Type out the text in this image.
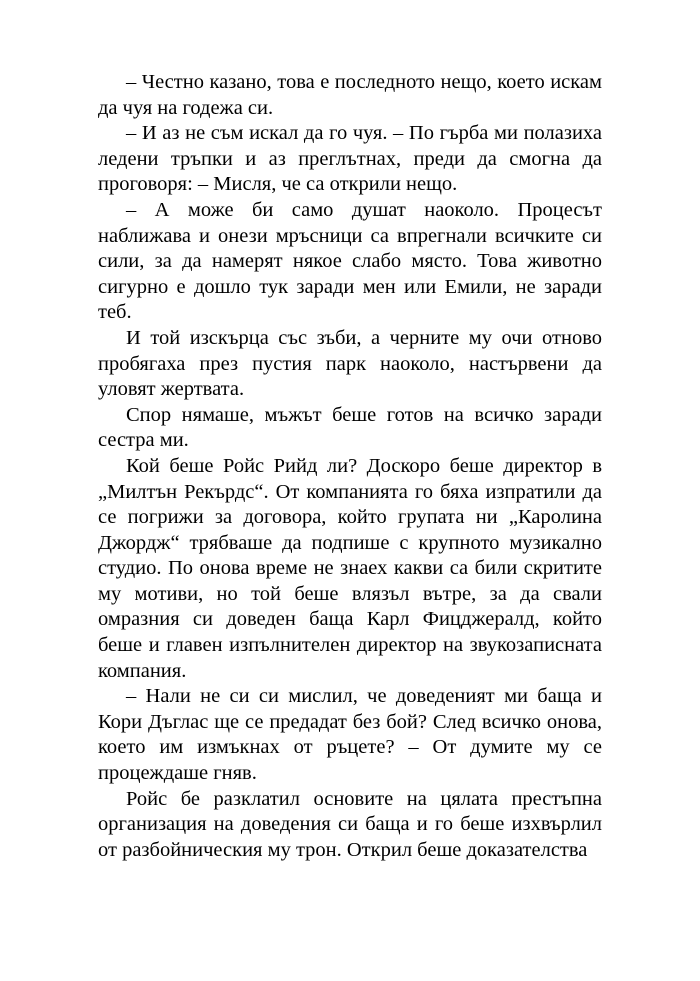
– Честно казано, това е последното нещо, което искам да чуя на годежа си.

– И аз не съм искал да го чуя. – По гърба ми полазиха ледени тръпки и аз преглътнах, преди да смогна да проговоря: – Мисля, че са открили нещо.

– А може би само душат наоколо. Процесът наближава и онези мръсници са впрегнали всичките си сили, за да намерят някое слабо място. Това животно сигурно е дошло тук заради мен или Емили, не заради теб.

И той изскърца със зъби, а черните му очи отново пробягаха през пустия парк наоколо, настървени да уловят жертвата.

Спор нямаше, мъжът беше готов на всичко заради сестра ми.

Кой беше Ройс Рийд ли? Доскоро беше директор в „Милтън Рекърдс“. От компанията го бяха изпратили да се погрижи за договора, който групата ни „Каролина Джордж“ трябваше да подпише с крупното музикално студио. По онова време не знаех какви са били скритите му мотиви, но той беше влязъл вътре, за да свали омразния си доведен баща Карл Фицджералд, който беше и главен изпълнителен директор на звукозаписната компания.

– Нали не си си мислил, че доведеният ми баща и Кори Дъглас ще се предадат без бой? След всичко онова, което им измъкнах от ръцете? – От думите му се процеждаше гняв.

Ройс бе разклатил основите на цялата престъпна организация на доведения си баща и го беше изхвърлил от разбойническия му трон. Открил беше доказателства
